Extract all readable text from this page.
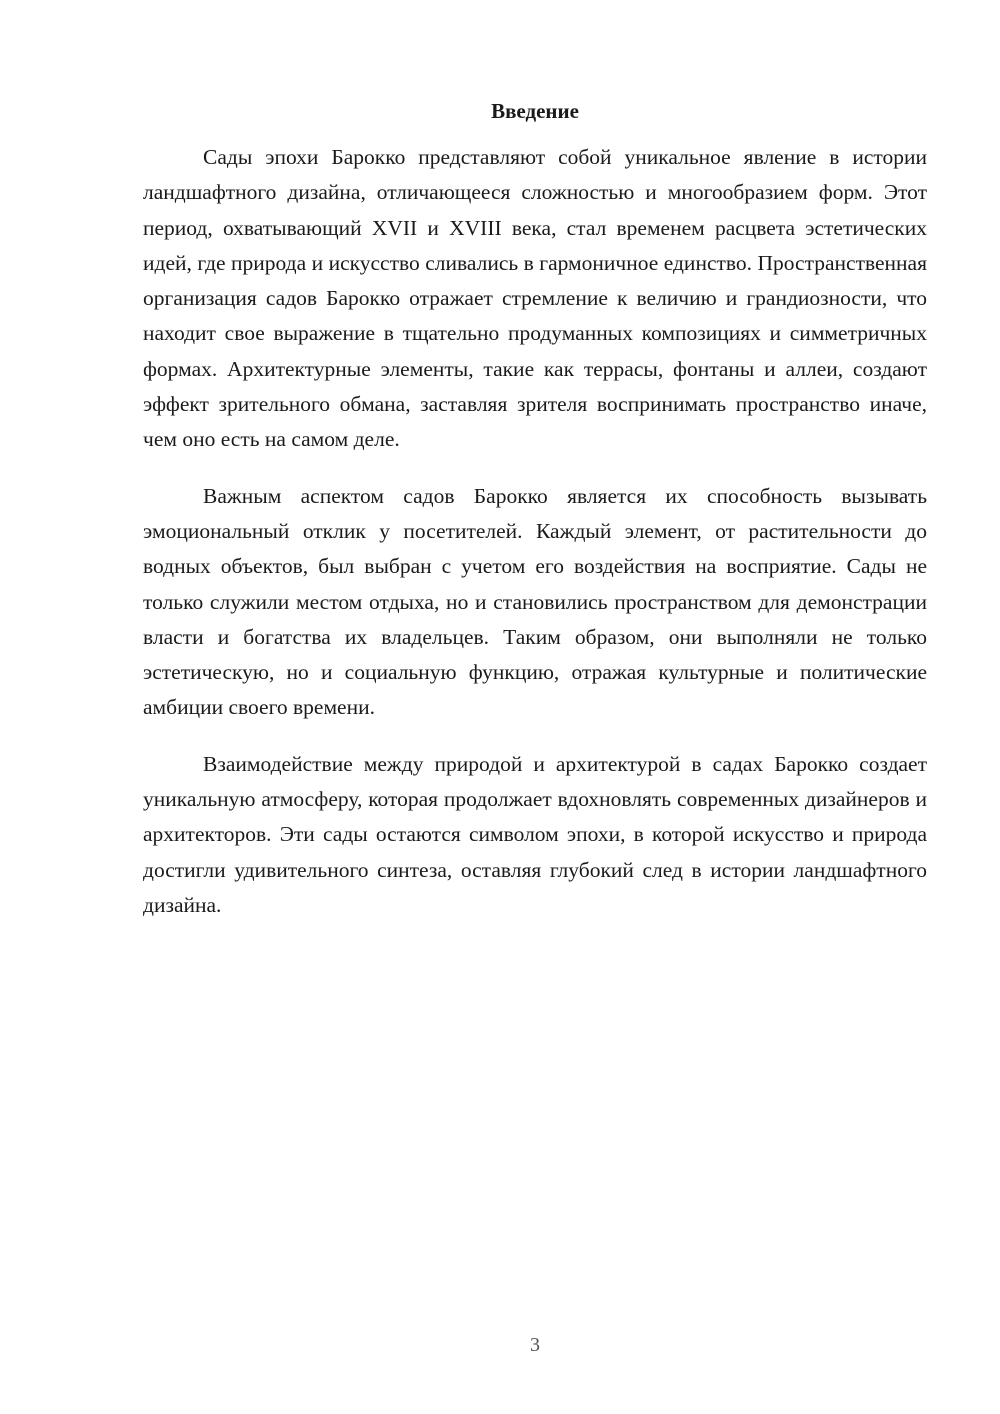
Введение

Сады эпохи Барокко представляют собой уникальное явление в истории ландшафтного дизайна, отличающееся сложностью и многообразием форм. Этот период, охватывающий XVII и XVIII века, стал временем расцвета эстетических идей, где природа и искусство сливались в гармоничное единство. Пространственная организация садов Барокко отражает стремление к величию и грандиозности, что находит свое выражение в тщательно продуманных композициях и симметричных формах. Архитектурные элементы, такие как террасы, фонтаны и аллеи, создают эффект зрительного обмана, заставляя зрителя воспринимать пространство иначе, чем оно есть на самом деле.

Важным аспектом садов Барокко является их способность вызывать эмоциональный отклик у посетителей. Каждый элемент, от растительности до водных объектов, был выбран с учетом его воздействия на восприятие. Сады не только служили местом отдыха, но и становились пространством для демонстрации власти и богатства их владельцев. Таким образом, они выполняли не только эстетическую, но и социальную функцию, отражая культурные и политические амбиции своего времени.

Взаимодействие между природой и архитектурой в садах Барокко создает уникальную атмосферу, которая продолжает вдохновлять современных дизайнеров и архитекторов. Эти сады остаются символом эпохи, в которой искусство и природа достигли удивительного синтеза, оставляя глубокий след в истории ландшафтного дизайна.

3
